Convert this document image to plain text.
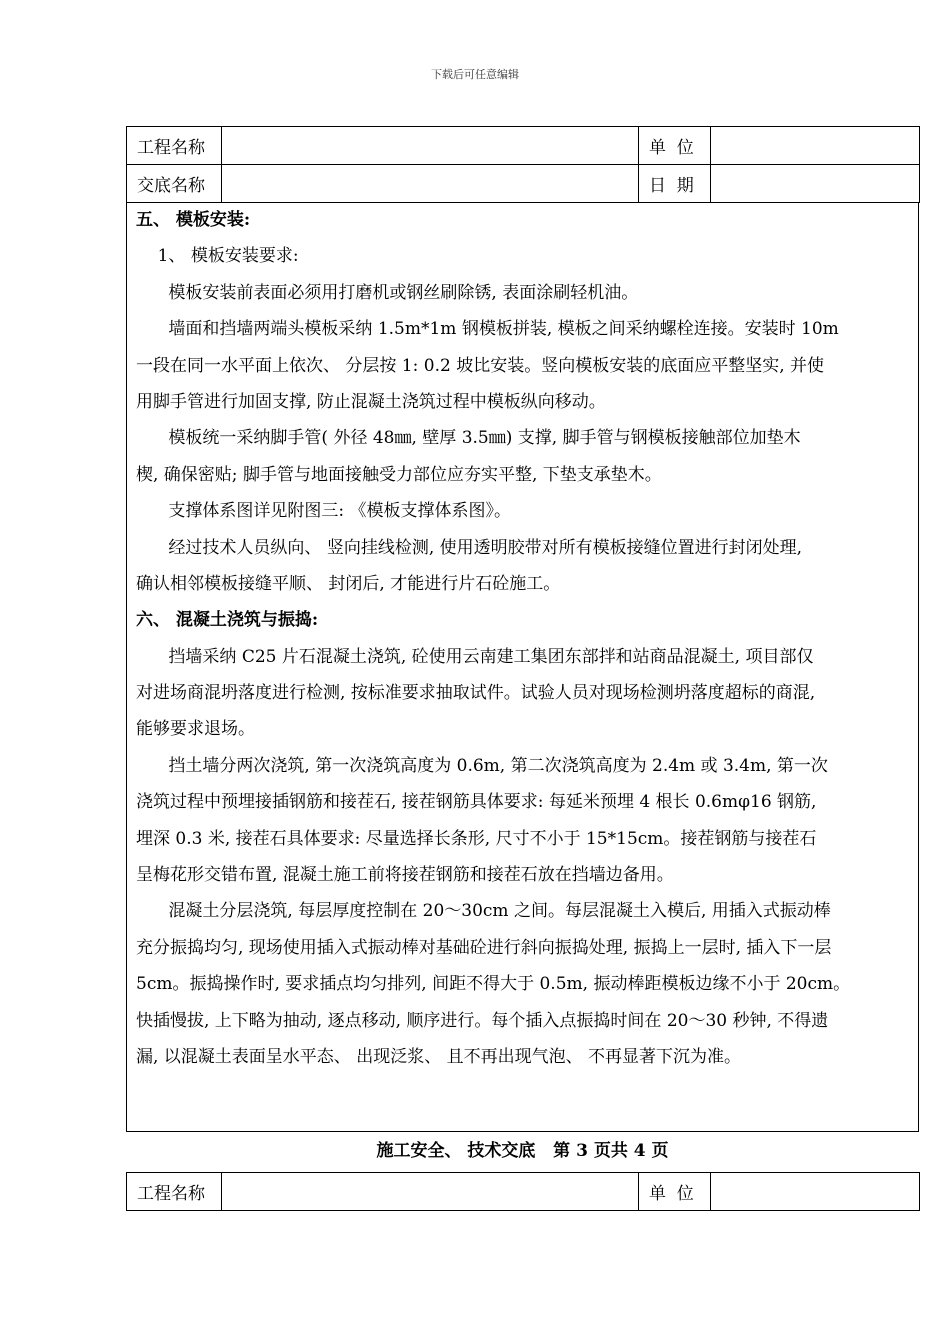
下载后可任意编辑
工程名称		单  位	
交底名称		日  期	
五、 模板安装:
1、 模板安装要求:
模板安装前表面必须用打磨机或钢丝刷除锈, 表面涂刷轻机油。
墙面和挡墙两端头模板采纳 1.5m*1m 钢模板拼装, 模板之间采纳螺栓连接。安装时 10m
一段在同一水平面上依次、 分层按 1: 0.2 坡比安装。竖向模板安装的底面应平整坚实, 并使
用脚手管进行加固支撑, 防止混凝土浇筑过程中模板纵向移动。
模板统一采纳脚手管( 外径 48㎜, 壁厚 3.5㎜) 支撑, 脚手管与钢模板接触部位加垫木
楔, 确保密贴; 脚手管与地面接触受力部位应夯实平整, 下垫支承垫木。
支撑体系图详见附图三: 《模板支撑体系图》。
经过技术人员纵向、 竖向挂线检测, 使用透明胶带对所有模板接缝位置进行封闭处理,
确认相邻模板接缝平顺、 封闭后, 才能进行片石砼施工。
六、 混凝土浇筑与振捣:
挡墙采纳 C25 片石混凝土浇筑, 砼使用云南建工集团东部拌和站商品混凝土, 项目部仅
对进场商混坍落度进行检测, 按标准要求抽取试件。试验人员对现场检测坍落度超标的商混,
能够要求退场。
挡土墙分两次浇筑, 第一次浇筑高度为 0.6m, 第二次浇筑高度为 2.4m 或 3.4m, 第一次
浇筑过程中预埋接插钢筋和接茬石, 接茬钢筋具体要求: 每延米预埋 4 根长 0.6mφ16 钢筋,
埋深 0.3 米, 接茬石具体要求: 尽量选择长条形, 尺寸不小于 15*15cm。接茬钢筋与接茬石
呈梅花形交错布置, 混凝土施工前将接茬钢筋和接茬石放在挡墙边备用。
混凝土分层浇筑, 每层厚度控制在 20～30cm 之间。每层混凝土入模后, 用插入式振动棒
充分振捣均匀, 现场使用插入式振动棒对基础砼进行斜向振捣处理, 振捣上一层时, 插入下一层
5cm。振捣操作时, 要求插点均匀排列, 间距不得大于 0.5m, 振动棒距模板边缘不小于 20cm。
快插慢拔, 上下略为抽动, 逐点移动, 顺序进行。每个插入点振捣时间在 20～30 秒钟, 不得遗
漏, 以混凝土表面呈水平态、 出现泛浆、 且不再出现气泡、 不再显著下沉为准。
施工安全、 技术交底   第 3 页共 4 页
工程名称		单  位	
